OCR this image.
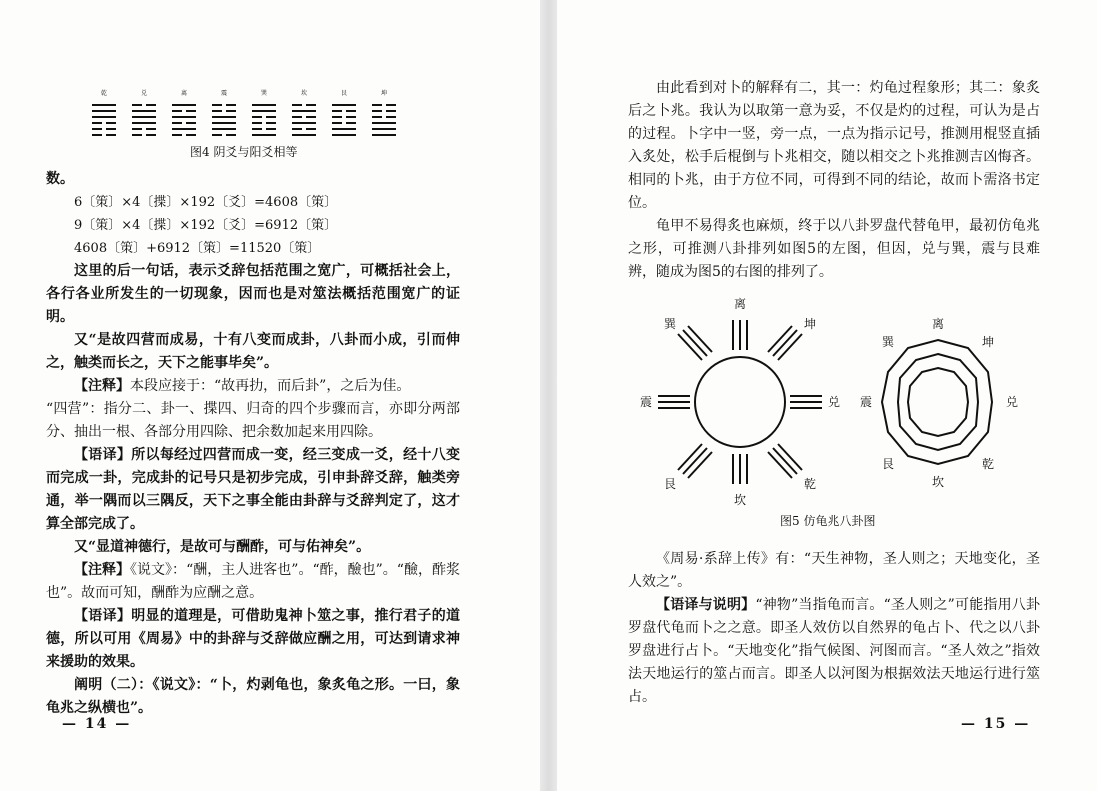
乾	兑	离	震	巽	坎	艮	坤
图4 阴爻与阳爻相等

数。

6〔策〕×4〔揲〕×192〔爻〕=4608〔策〕

9〔策〕×4〔揲〕×192〔爻〕=6912〔策〕

4608〔策〕+6912〔策〕=11520〔策〕

这里的后一句话，表示爻辞包括范围之宽广，可概括社会上，各行各业所发生的一切现象，因而也是对筮法概括范围宽广的证明。

又“是故四营而成易，十有八变而成卦，八卦而小成，引而伸之，触类而长之，天下之能事毕矣”。

【注释】本段应接于：“故再扐，而后卦”，之后为佳。

“四营”：指分二、卦一、揲四、归奇的四个步骤而言，亦即分两部分、抽出一根、各部分用四除、把余数加起来用四除。

【语译】所以每经过四营而成一变，经三变成一爻，经十八变而完成一卦，完成卦的记号只是初步完成，引申卦辞爻辞，触类旁通，举一隅而以三隅反，天下之事全能由卦辞与爻辞判定了，这才算全部完成了。

又“显道神德行，是故可与酬酢，可与佑神矣”。

【注释】《说文》：“酬，主人进客也”。“酢，醶也”。“醶，酢浆也”。故而可知，酬酢为应酬之意。

【语译】明显的道理是，可借助鬼神卜筮之事，推行君子的道德，所以可用《周易》中的卦辞与爻辞做应酬之用，可达到请求神来援助的效果。

阐明（二）：《说文》：“卜，灼剥龟也，象炙龟之形。一曰，象龟兆之纵横也”。

— 14 —

由此看到对卜的解释有二，其一：灼龟过程象形；其二：象炙后之卜兆。我认为以取第一意为妥，不仅是灼的过程，可认为是占的过程。卜字中一竖，旁一点，一点为指示记号，推测用棍竖直插入炙处，松手后棍倒与卜兆相交，随以相交之卜兆推测吉凶悔吝。相同的卜兆，由于方位不同，可得到不同的结论，故而卜需洛书定位。

龟甲不易得炙也麻烦，终于以八卦罗盘代替龟甲，最初仿龟兆之形，可推测八卦排列如图5的左图，但因，兑与巽，震与艮难辨，随成为图5的右图的排列了。

《周易·系辞上传》有：“天生神物，圣人则之；天地变化，圣人效之”。

【语译与说明】“神物”当指龟而言。“圣人则之”可能指用八卦罗盘代龟而卜之之意。即圣人效仿以自然界的龟占卜、代之以八卦罗盘进行占卜。“天地变化”指气候图、河图而言。“圣人效之”指效法天地运行的筮占而言。即圣人以河图为根据效法天地运行进行筮占。

— 15 —
离
坎
震	兑
巽	坤
艮	乾
离
坤
兑
乾
坎
艮
震
巽
图5 仿龟兆八卦图
